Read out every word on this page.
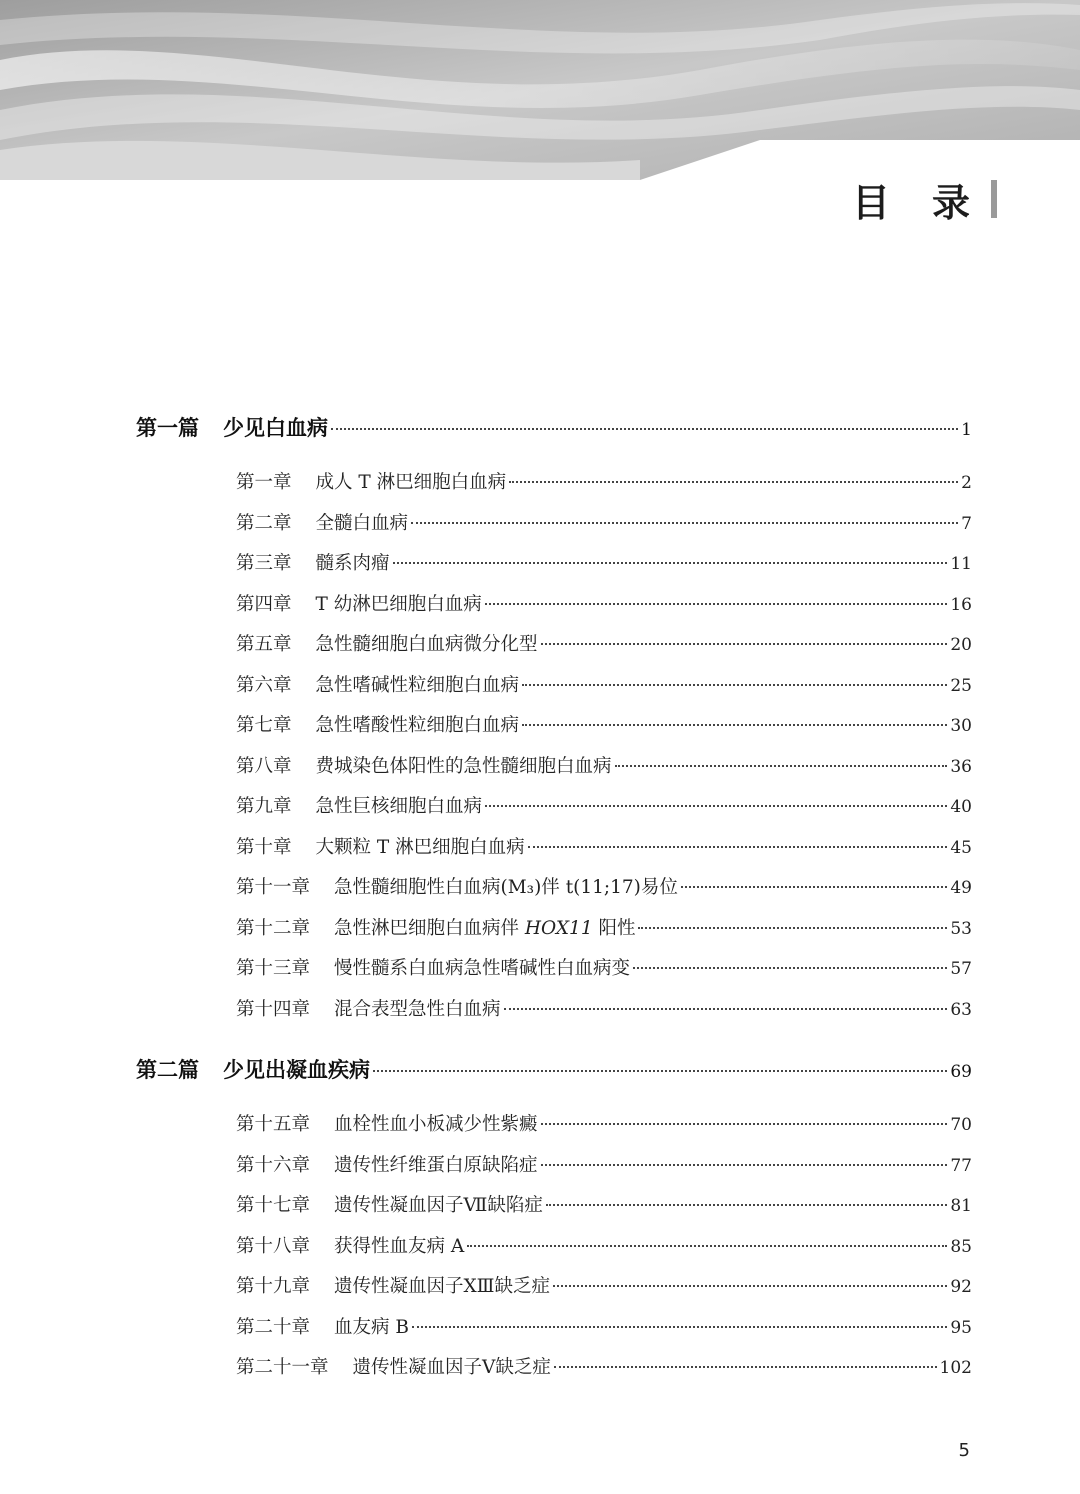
目 录
第一篇 少见白血病	1
第一章 成人 T 淋巴细胞白血病	2
第二章 全髓白血病	7
第三章 髓系肉瘤	11
第四章 T 幼淋巴细胞白血病	16
第五章 急性髓细胞白血病微分化型	20
第六章 急性嗜碱性粒细胞白血病	25
第七章 急性嗜酸性粒细胞白血病	30
第八章 费城染色体阳性的急性髓细胞白血病	36
第九章 急性巨核细胞白血病	40
第十章 大颗粒 T 淋巴细胞白血病	45
第十一章 急性髓细胞性白血病(M₃)伴 t(11;17)易位	49
第十二章 急性淋巴细胞白血病伴 HOX11 阳性	53
第十三章 慢性髓系白血病急性嗜碱性白血病变	57
第十四章 混合表型急性白血病	63
第二篇 少见出凝血疾病	69
第十五章 血栓性血小板减少性紫癜	70
第十六章 遗传性纤维蛋白原缺陷症	77
第十七章 遗传性凝血因子Ⅶ缺陷症	81
第十八章 获得性血友病 A	85
第十九章 遗传性凝血因子ⅩⅢ缺乏症	92
第二十章 血友病 B	95
第二十一章 遗传性凝血因子Ⅴ缺乏症	102
5
